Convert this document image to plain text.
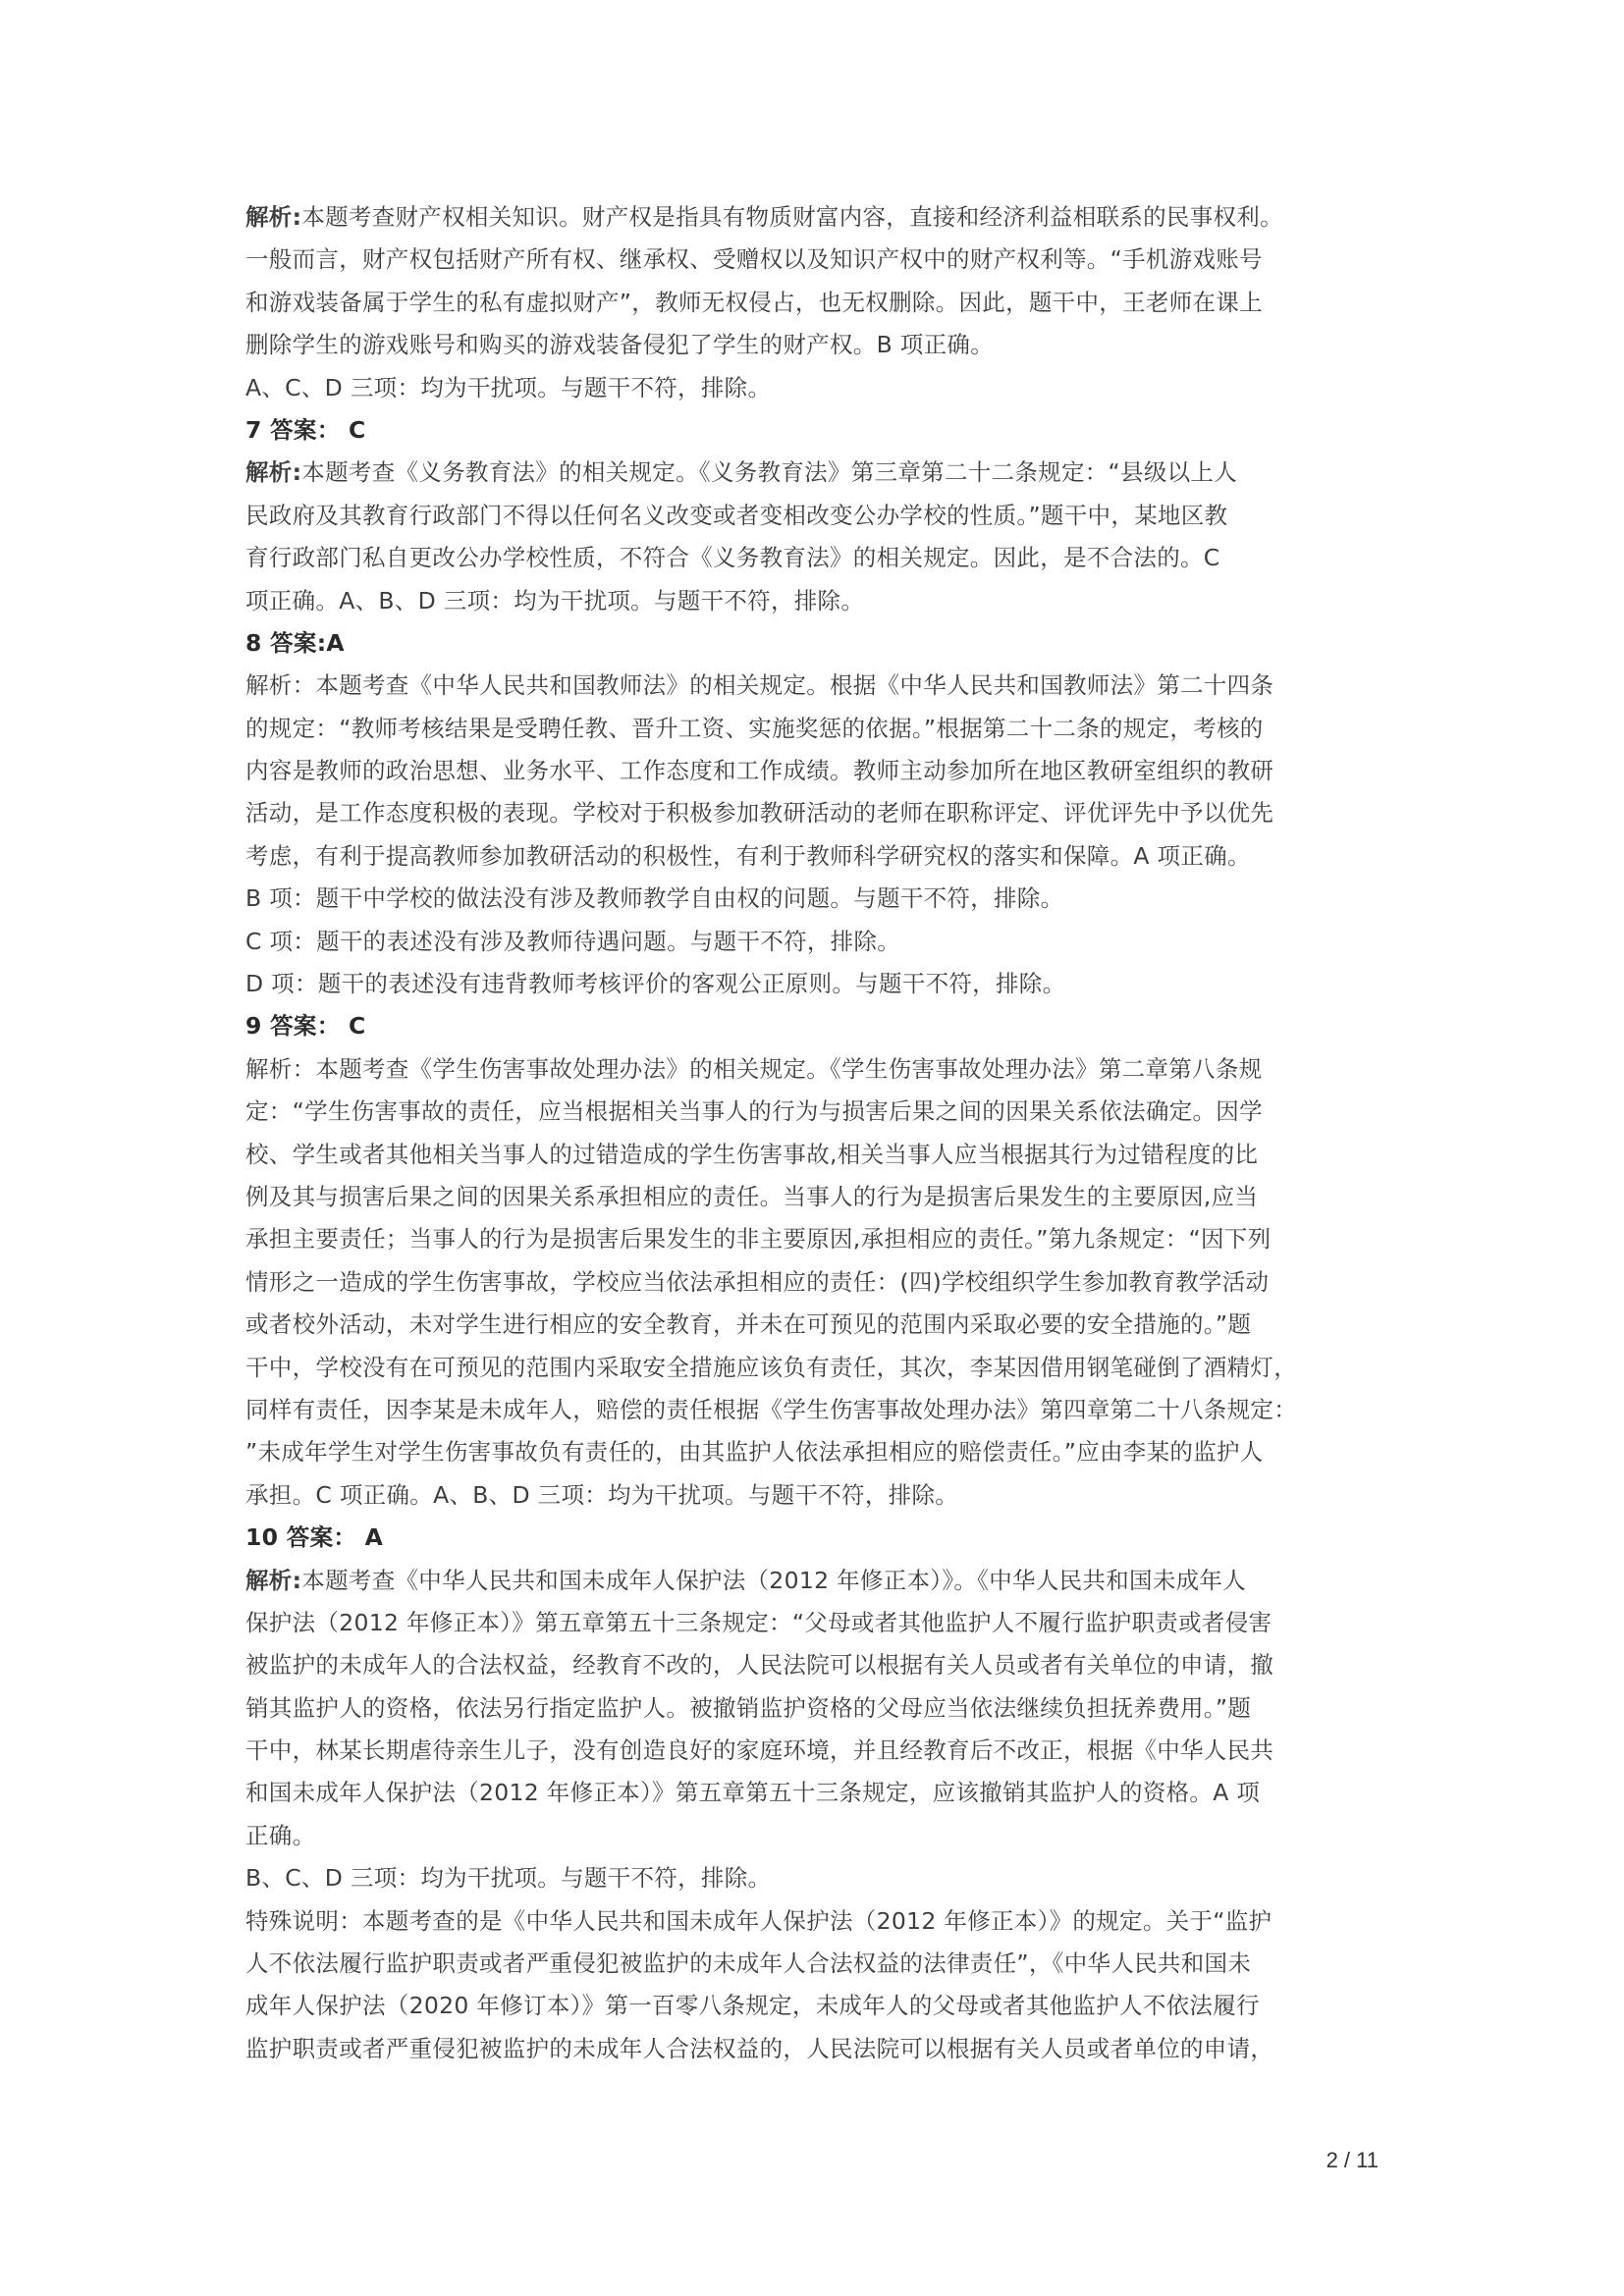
解析:本题考查财产权相关知识。财产权是指具有物质财富内容，直接和经济利益相联系的民事权利。
一般而言，财产权包括财产所有权、继承权、受赠权以及知识产权中的财产权利等。“手机游戏账号
和游戏装备属于学生的私有虚拟财产”，教师无权侵占，也无权删除。因此，题干中，王老师在课上
删除学生的游戏账号和购买的游戏装备侵犯了学生的财产权。B 项正确。
A、C、D 三项：均为干扰项。与题干不符，排除。
7 答案： C
解析:本题考查《义务教育法》的相关规定。《义务教育法》第三章第二十二条规定：“县级以上人
民政府及其教育行政部门不得以任何名义改变或者变相改变公办学校的性质。”题干中，某地区教
育行政部门私自更改公办学校性质，不符合《义务教育法》的相关规定。因此，是不合法的。C
项正确。A、B、D 三项：均为干扰项。与题干不符，排除。
8 答案:A
解析：本题考查《中华人民共和国教师法》的相关规定。根据《中华人民共和国教师法》第二十四条
的规定：“教师考核结果是受聘任教、晋升工资、实施奖惩的依据。”根据第二十二条的规定，考核的
内容是教师的政治思想、业务水平、工作态度和工作成绩。教师主动参加所在地区教研室组织的教研
活动，是工作态度积极的表现。学校对于积极参加教研活动的老师在职称评定、评优评先中予以优先
考虑，有利于提高教师参加教研活动的积极性，有利于教师科学研究权的落实和保障。A 项正确。
B 项：题干中学校的做法没有涉及教师教学自由权的问题。与题干不符，排除。
C 项：题干的表述没有涉及教师待遇问题。与题干不符，排除。
D 项：题干的表述没有违背教师考核评价的客观公正原则。与题干不符，排除。
9 答案： C
解析：本题考查《学生伤害事故处理办法》的相关规定。《学生伤害事故处理办法》第二章第八条规
定：“学生伤害事故的责任，应当根据相关当事人的行为与损害后果之间的因果关系依法确定。因学
校、学生或者其他相关当事人的过错造成的学生伤害事故,相关当事人应当根据其行为过错程度的比
例及其与损害后果之间的因果关系承担相应的责任。当事人的行为是损害后果发生的主要原因,应当
承担主要责任；当事人的行为是损害后果发生的非主要原因,承担相应的责任。”第九条规定：“因下列
情形之一造成的学生伤害事故，学校应当依法承担相应的责任：(四)学校组织学生参加教育教学活动
或者校外活动，未对学生进行相应的安全教育，并未在可预见的范围内采取必要的安全措施的。”题
干中，学校没有在可预见的范围内采取安全措施应该负有责任，其次，李某因借用钢笔碰倒了酒精灯，
同样有责任，因李某是未成年人，赔偿的责任根据《学生伤害事故处理办法》第四章第二十八条规定：
”未成年学生对学生伤害事故负有责任的，由其监护人依法承担相应的赔偿责任。”应由李某的监护人
承担。C 项正确。A、B、D 三项：均为干扰项。与题干不符，排除。
10 答案： A
解析:本题考查《中华人民共和国未成年人保护法（2012 年修正本）》。《中华人民共和国未成年人
保护法（2012 年修正本）》第五章第五十三条规定：“父母或者其他监护人不履行监护职责或者侵害
被监护的未成年人的合法权益，经教育不改的，人民法院可以根据有关人员或者有关单位的申请，撤
销其监护人的资格，依法另行指定监护人。被撤销监护资格的父母应当依法继续负担抚养费用。”题
干中，林某长期虐待亲生儿子，没有创造良好的家庭环境，并且经教育后不改正，根据《中华人民共
和国未成年人保护法（2012 年修正本）》第五章第五十三条规定，应该撤销其监护人的资格。A 项
正确。
B、C、D 三项：均为干扰项。与题干不符，排除。
特殊说明：本题考查的是《中华人民共和国未成年人保护法（2012 年修正本）》的规定。关于“监护
人不依法履行监护职责或者严重侵犯被监护的未成年人合法权益的法律责任”，《中华人民共和国未
成年人保护法（2020 年修订本）》第一百零八条规定，未成年人的父母或者其他监护人不依法履行
监护职责或者严重侵犯被监护的未成年人合法权益的，人民法院可以根据有关人员或者单位的申请，
2 / 11
